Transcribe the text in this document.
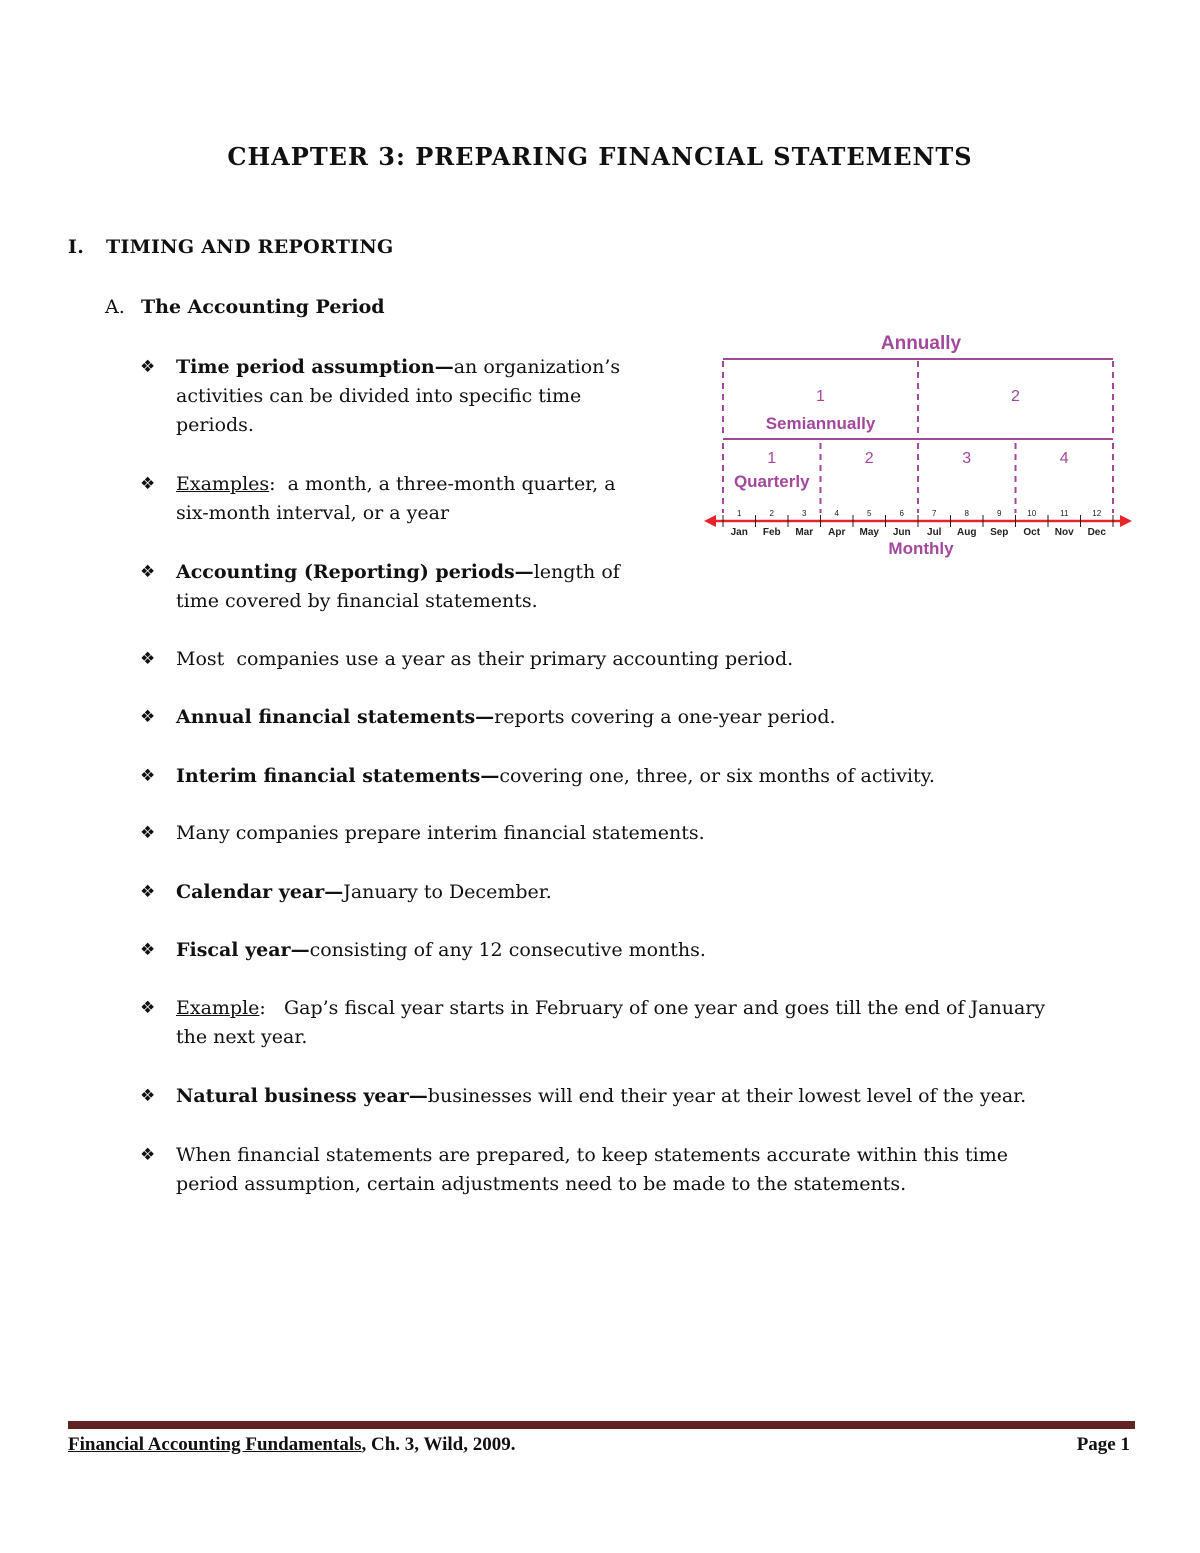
CHAPTER 3: PREPARING FINANCIAL STATEMENTS
I. TIMING AND REPORTING
A. The Accounting Period
❖	Time period assumption—an organization’s
activities can be divided into specific time
periods.
❖	Examples:  a month, a three-month quarter, a
six-month interval, or a year
❖	Accounting (Reporting) periods—length of
time covered by financial statements.
❖	Most  companies use a year as their primary accounting period.
❖	Annual financial statements—reports covering a one-year period.
❖	Interim financial statements—covering one, three, or six months of activity.
❖	Many companies prepare interim financial statements.
❖	Calendar year—January to December.
❖	Fiscal year—consisting of any 12 consecutive months.
❖	Example:   Gap’s fiscal year starts in February of one year and goes till the end of January
the next year.
❖	Natural business year—businesses will end their year at their lowest level of the year.
❖	When financial statements are prepared, to keep statements accurate within this time
period assumption, certain adjustments need to be made to the statements.
Annually
1	2
Semiannually
1	2	3	4
Quarterly
1	2	3	4	5	6	7	8	9	10	11	12
Jan Feb Mar Apr May Jun Jul Aug Sep Oct Nov Dec
Monthly
Financial Accounting Fundamentals, Ch. 3, Wild, 2009.	Page 1
